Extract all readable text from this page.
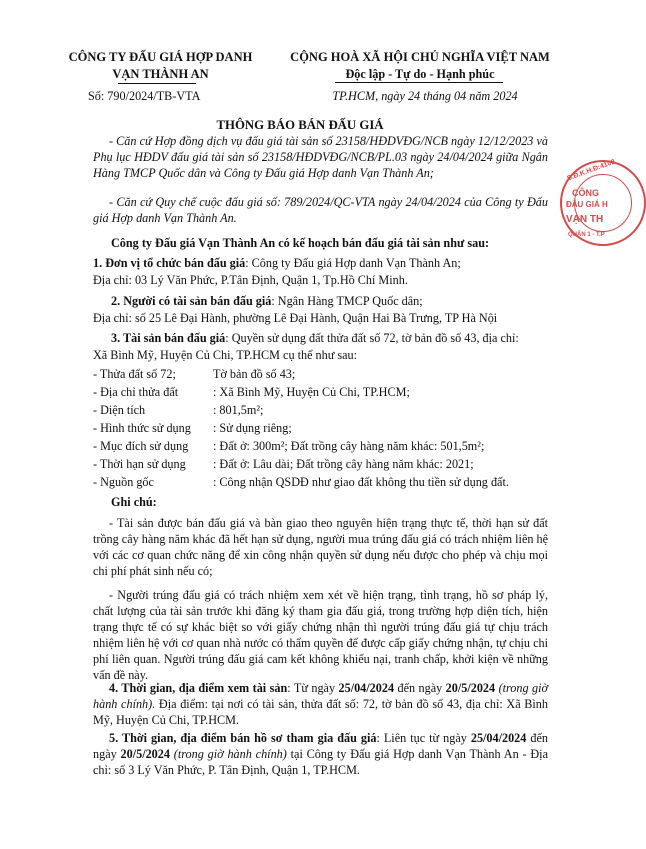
CÔNG TY ĐẤU GIÁ HỢP DANH
VẠN THÀNH AN
Số: 790/2024/TB-VTA
CỘNG HOÀ XÃ HỘI CHỦ NGHĨA VIỆT NAM
Độc lập - Tự do - Hạnh phúc
TP.HCM, ngày 24 tháng 04 năm 2024
THÔNG BÁO BÁN ĐẤU GIÁ
- Căn cứ Hợp đồng dịch vụ đấu giá tài sản số 23158/HĐDVĐG/NCB ngày 12/12/2023 và Phụ lục HĐDV đấu giá tài sản số 23158/HĐDVĐG/NCB/PL.03 ngày 24/04/2024 giữa Ngân Hàng TMCP Quốc dân và Công ty Đấu giá Hợp danh Vạn Thành An;
- Căn cứ Quy chế cuộc đấu giá số: 789/2024/QC-VTA ngày 24/04/2024 của Công ty Đấu giá Hợp danh Vạn Thành An.
Công ty Đấu giá Vạn Thành An có kế hoạch bán đấu giá tài sản như sau:
1. Đơn vị tổ chức bán đấu giá: Công ty Đấu giá Hợp danh Vạn Thành An;
Địa chỉ: 03 Lý Văn Phức, P.Tân Định, Quận 1, Tp.Hồ Chí Minh.
2. Người có tài sản bán đấu giá: Ngân Hàng TMCP Quốc dân;
Địa chỉ: số 25 Lê Đại Hành, phường Lê Đại Hành, Quận Hai Bà Trưng, TP Hà Nội
3. Tài sản bán đấu giá: Quyền sử dụng đất thửa đất số 72, tờ bản đồ số 43, địa chỉ:
Xã Bình Mỹ, Huyện Củ Chi, TP.HCM cụ thể như sau:
- Thửa đất số 72;	Tờ bản đồ số 43;
- Địa chỉ thửa đất	: Xã Bình Mỹ, Huyện Củ Chi, TP.HCM;
- Diện tích	: 801,5m²;
- Hình thức sử dụng : Sử dụng riêng;
- Mục đích sử dụng : Đất ở: 300m²; Đất trồng cây hàng năm khác: 501,5m²;
- Thời hạn sử dụng : Đất ở: Lâu dài; Đất trồng cây hàng năm khác: 2021;
- Nguồn gốc	: Công nhận QSDĐ như giao đất không thu tiền sử dụng đất.
Ghi chú:
- Tài sản được bán đấu giá và bàn giao theo nguyên hiện trạng thực tế, thời hạn sử đất trồng cây hàng năm khác đã hết hạn sử dụng, người mua trúng đấu giá có trách nhiệm liên hệ với các cơ quan chức năng để xin công nhận quyền sử dụng nếu được cho phép và chịu mọi chi phí phát sinh nếu có;
- Người trúng đấu giá có trách nhiệm xem xét về hiện trạng, tình trạng, hồ sơ pháp lý, chất lượng của tài sản trước khi đăng ký tham gia đấu giá, trong trường hợp diện tích, hiện trạng thực tế có sự khác biệt so với giấy chứng nhận thì người trúng đấu giá tự chịu trách nhiệm liên hệ với cơ quan nhà nước có thẩm quyền để được cấp giấy chứng nhận, tự chịu chi phí liên quan. Người trúng đấu giá cam kết không khiếu nại, tranh chấp, khởi kiện về những vấn đề này.
4. Thời gian, địa điểm xem tài sản: Từ ngày 25/04/2024 đến ngày 20/5/2024 (trong giờ hành chính). Địa điểm: tại nơi có tài sản, thửa đất số: 72, tờ bản đồ số 43, địa chỉ: Xã Bình Mỹ, Huyện Củ Chi, TP.HCM.
5. Thời gian, địa điểm bán hồ sơ tham gia đấu giá: Liên tục từ ngày 25/04/2024 đến ngày 20/5/2024 (trong giờ hành chính) tại Công ty Đấu giá Hợp danh Vạn Thành An - Địa chỉ: số 3 Lý Văn Phức, P. Tân Định, Quận 1, TP.HCM.
S.Đ.K.H.Đ:4102
CÔNG
ĐẤU GIÁ H
VẠN TH
QUẬN 1 - T.P
